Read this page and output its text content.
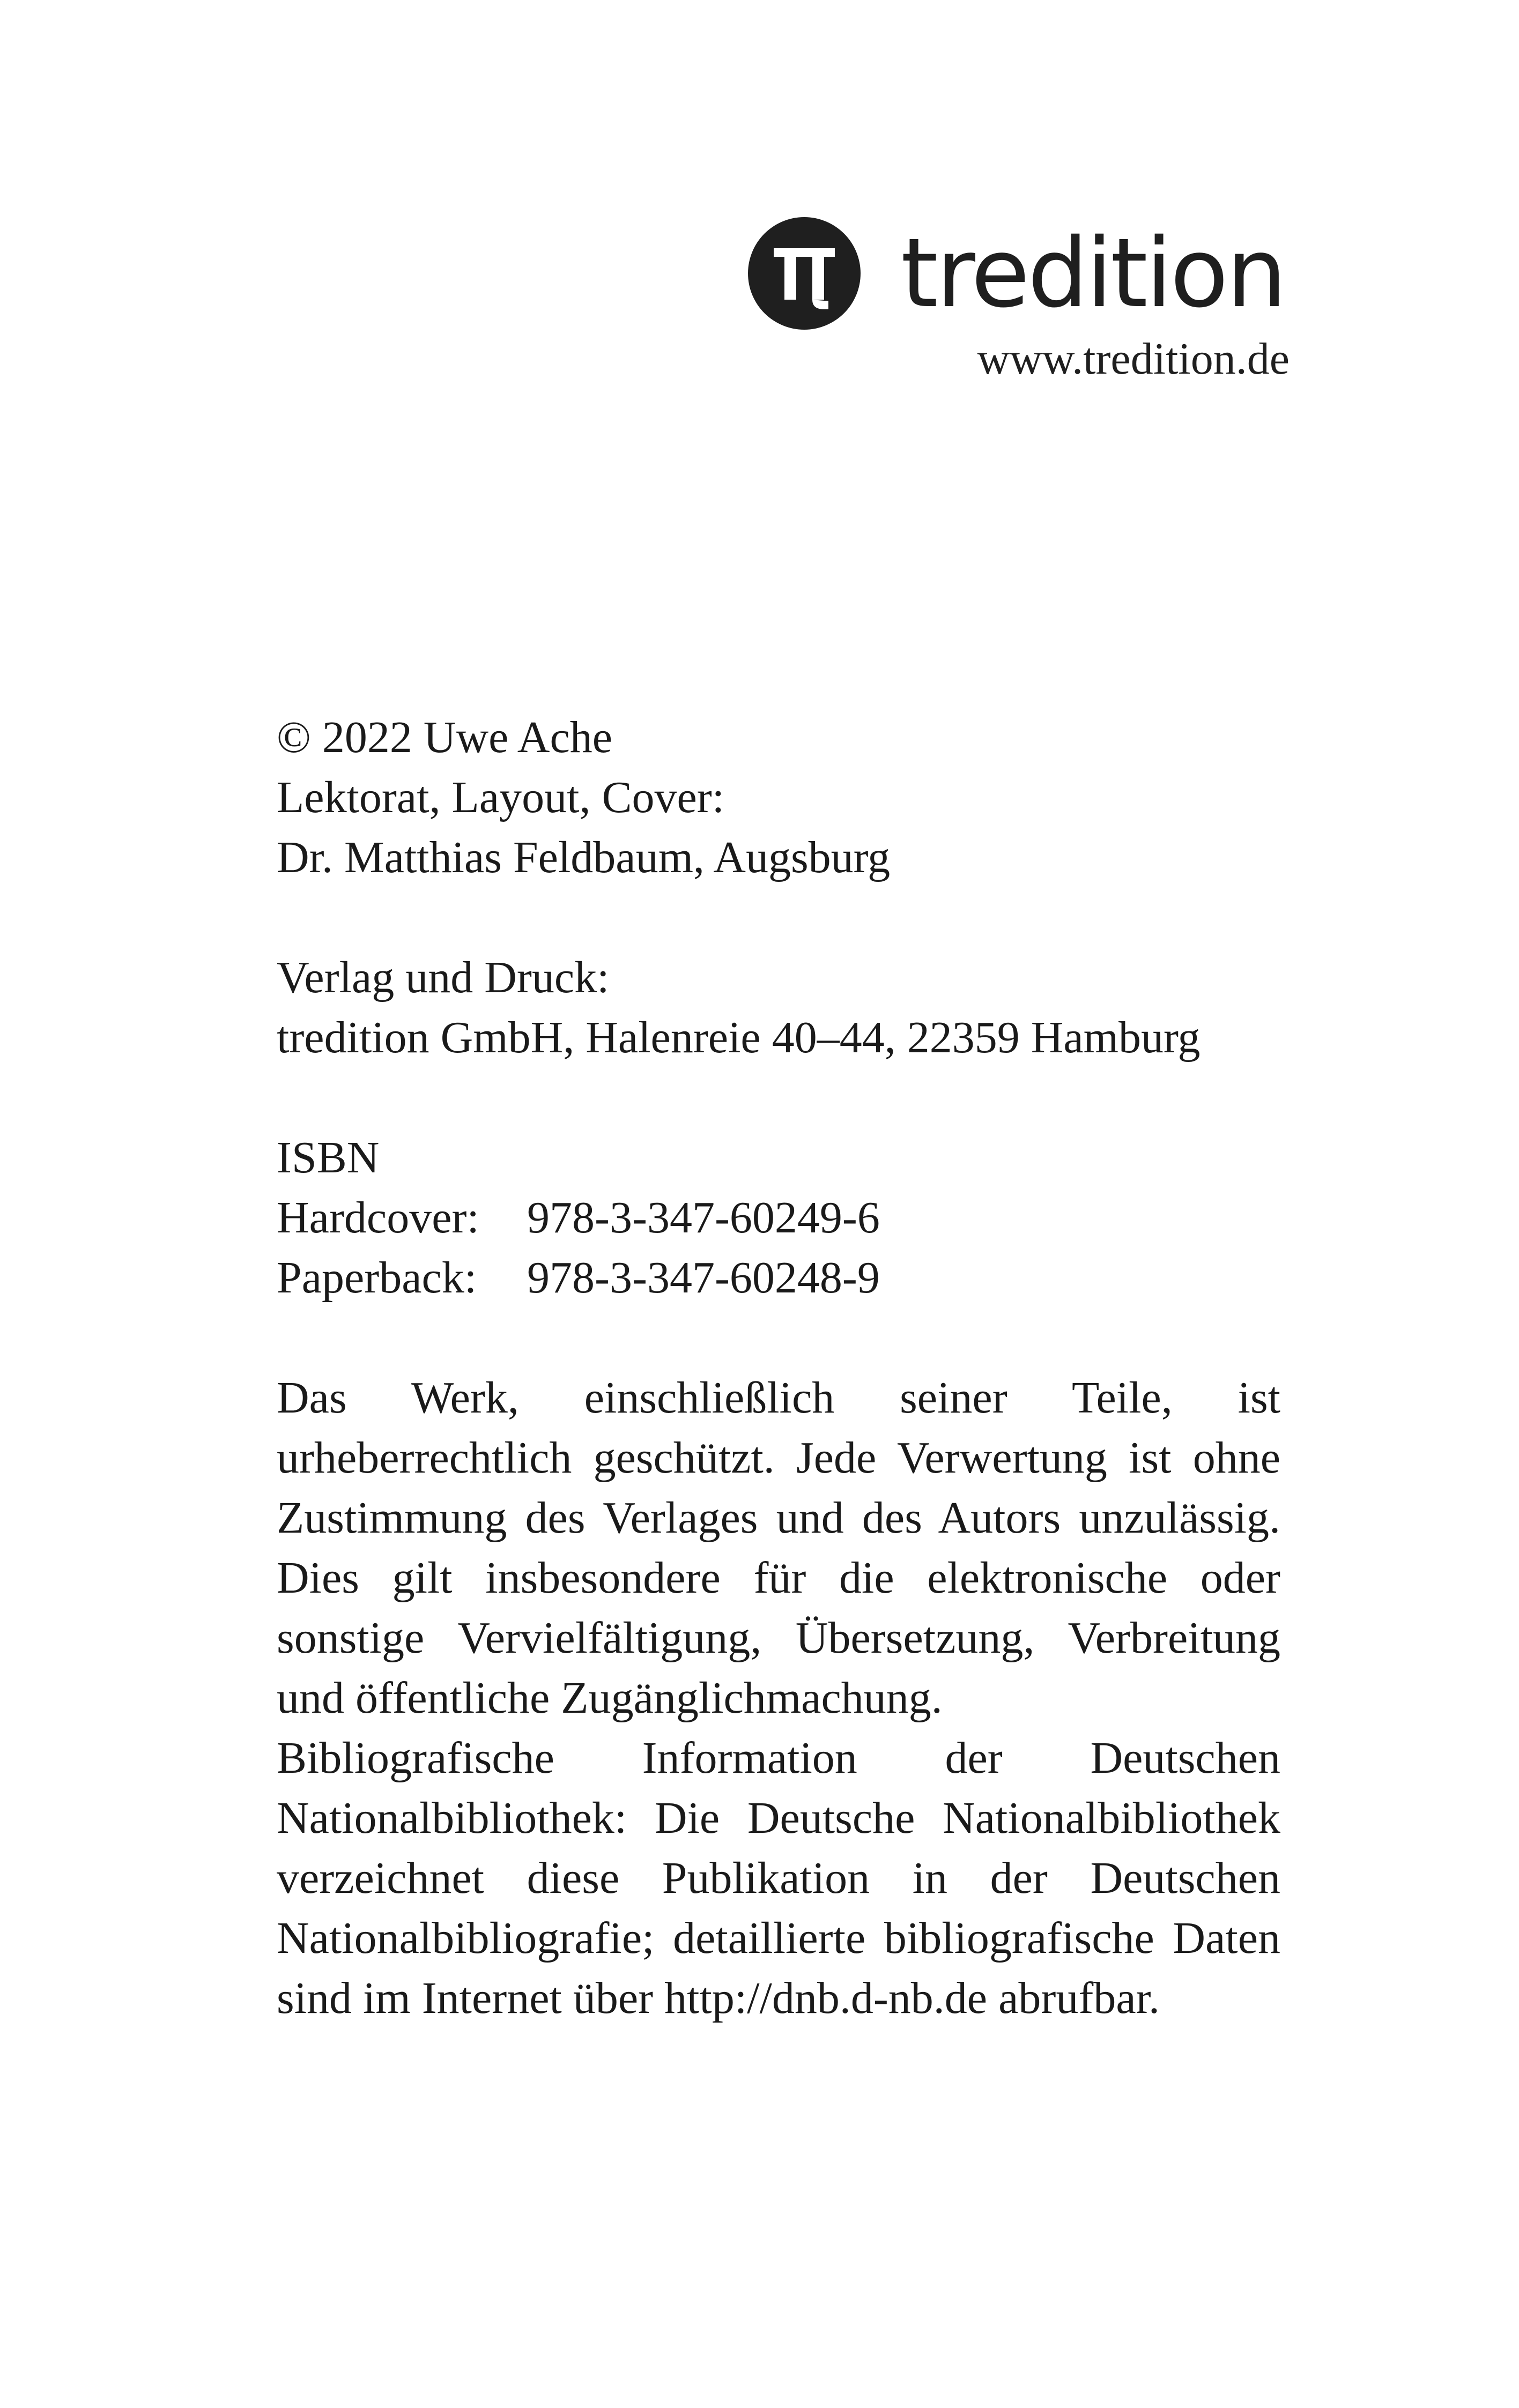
tredition
www.tredition.de

© 2022 Uwe Ache

Lektorat, Layout, Cover:

Dr. Matthias Feldbaum, Augsburg

Verlag und Druck:

tredition GmbH, Halenreie 40–44, 22359 Hamburg

ISBN

Hardcover:	978-3-347-60249-6
Paperback:	978-3-347-60248-9

Das Werk, einschließlich seiner Teile, ist urheberrechtlich geschützt. Jede Verwertung ist ohne Zustimmung des Verlages und des Autors unzulässig. Dies gilt insbesondere für die elektronische oder sonstige Vervielfältigung, Übersetzung, Verbreitung und öffentliche Zugänglichmachung.

Bibliografische Information der Deutschen Nationalbibliothek: Die Deutsche Nationalbibliothek verzeichnet diese Publikation in der Deutschen Nationalbibliografie; detaillierte bibliografische Daten sind im Internet über http://dnb.d-nb.de abrufbar.
